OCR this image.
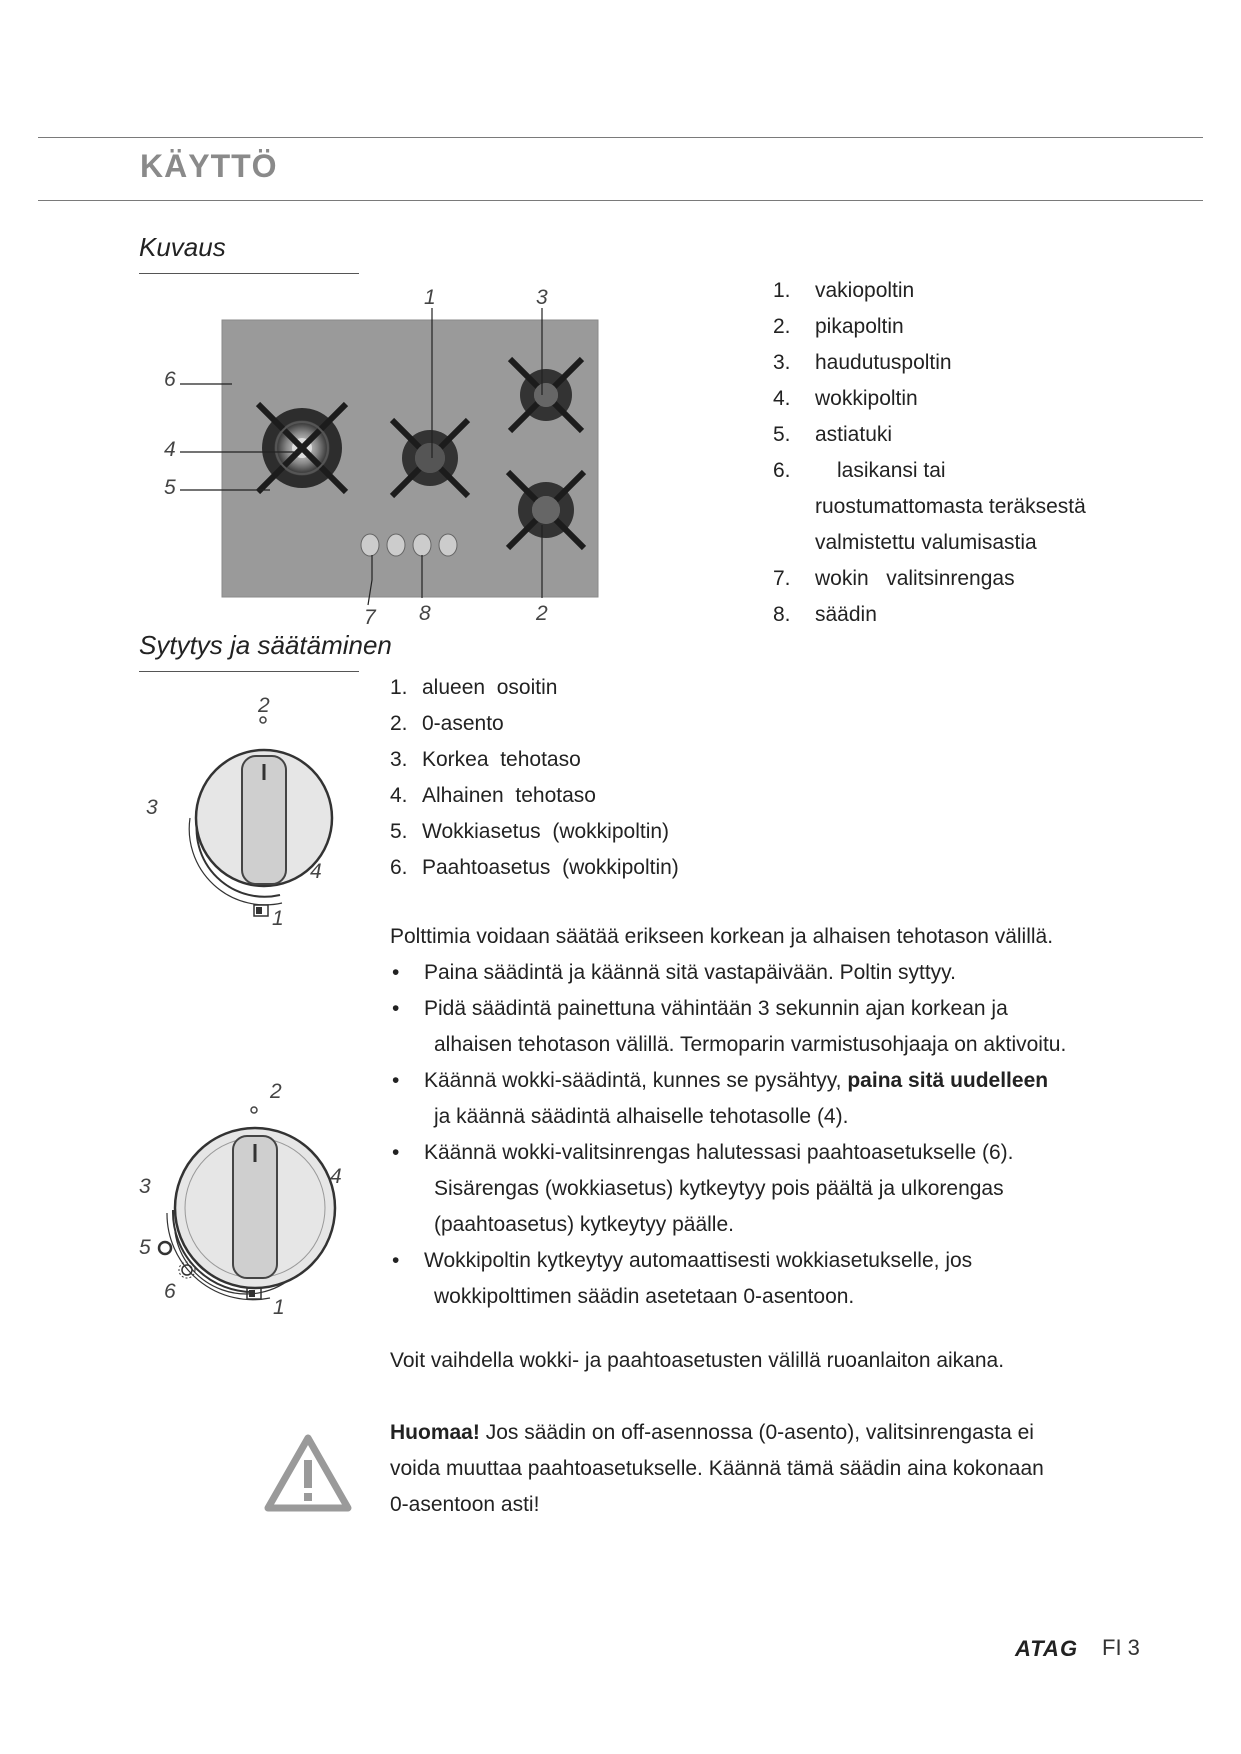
KÄYTTÖ
Kuvaus
1	3
6
4
5
7 8	2
1.	vakiopoltin
2.	pikapoltin
3.	haudutuspoltin
4.	wokkipoltin
5.	astiatuki
6.	lasikansi tai
ruostumattomasta teräksestä
valmistettu valumisastia
7.	wokin   valitsinrengas
8.	säädin
Sytytys ja säätäminen
2
3
4
1
2
3	4
5
6
1
1. alueen  osoitin
2. 0-asento
3. Korkea  tehotaso
4. Alhainen  tehotaso
5. Wokkiasetus  (wokkipoltin)
6. Paahtoasetus  (wokkipoltin)
Polttimia voidaan säätää erikseen korkean ja alhaisen tehotason välillä.
• Paina säädintä ja käännä sitä vastapäivään. Poltin syttyy.
• Pidä säädintä painettuna vähintään 3 sekunnin ajan korkean ja
alhaisen tehotason välillä. Termoparin varmistusohjaaja on aktivoitu.
• Käännä wokki-säädintä, kunnes se pysähtyy, paina sitä uudelleen
ja käännä säädintä alhaiselle tehotasolle (4).
• Käännä wokki-valitsinrengas halutessasi paahtoasetukselle (6).
Sisärengas (wokkiasetus) kytkeytyy pois päältä ja ulkorengas
(paahtoasetus) kytkeytyy päälle.
• Wokkipoltin kytkeytyy automaattisesti wokkiasetukselle, jos
wokkipolttimen säädin asetetaan 0-asentoon.
Voit vaihdella wokki- ja paahtoasetusten välillä ruoanlaiton aikana.
Huomaa! Jos säädin on off-asennossa (0-asento), valitsinrengasta ei
voida muuttaa paahtoasetukselle. Käännä tämä säädin aina kokonaan
0-asentoon asti!
ATAG FI 3
